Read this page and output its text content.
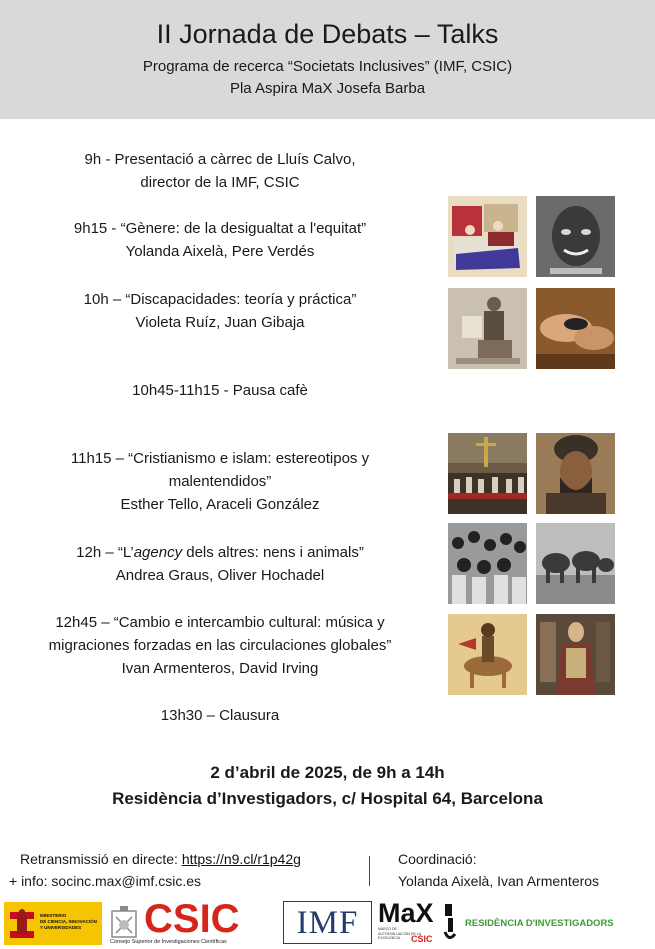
II Jornada de Debats – Talks
Programa de recerca “Societats Inclusives” (IMF, CSIC)
Pla Aspira MaX Josefa Barba
9h - Presentació a càrrec de Lluís Calvo,
director de la IMF, CSIC
9h15 - “Gènere: de la desigualtat a l'equitat”
Yolanda Aixelà, Pere Verdés
10h – “Discapacidades: teoría y práctica”
Violeta Ruíz, Juan Gibaja
10h45-11h15 - Pausa cafè
11h15 – “Cristianismo e islam: estereotipos y
malentendidos”
Esther Tello, Araceli González
12h – “L’agency dels altres: nens i animals”
Andrea Graus, Oliver Hochadel
12h45 – “Cambio e intercambio cultural: música y
migraciones forzadas en las circulaciones globales”
Ivan Armenteros, David Irving
13h30 – Clausura
2 d’abril de 2025, de 9h a 14h
Residència d’Investigadors, c/ Hospital 64, Barcelona
Retransmissió en directe: https://n9.cl/r1p42g
+ info: socinc.max@imf.csic.es
Coordinació:
Yolanda Aixelà, Ivan Armenteros
MINISTERIO
DE CIENCIA, INNOVACIÓN
Y UNIVERSIDADES	CSIC
Consejo Superior de Investigaciones Científicas
IMF MaX
MARCO DE
AUTOEVALUACIÓN DE LA
EXCELENCIA	CSIC
RESIDÈNCIA D'INVESTIGADORS
